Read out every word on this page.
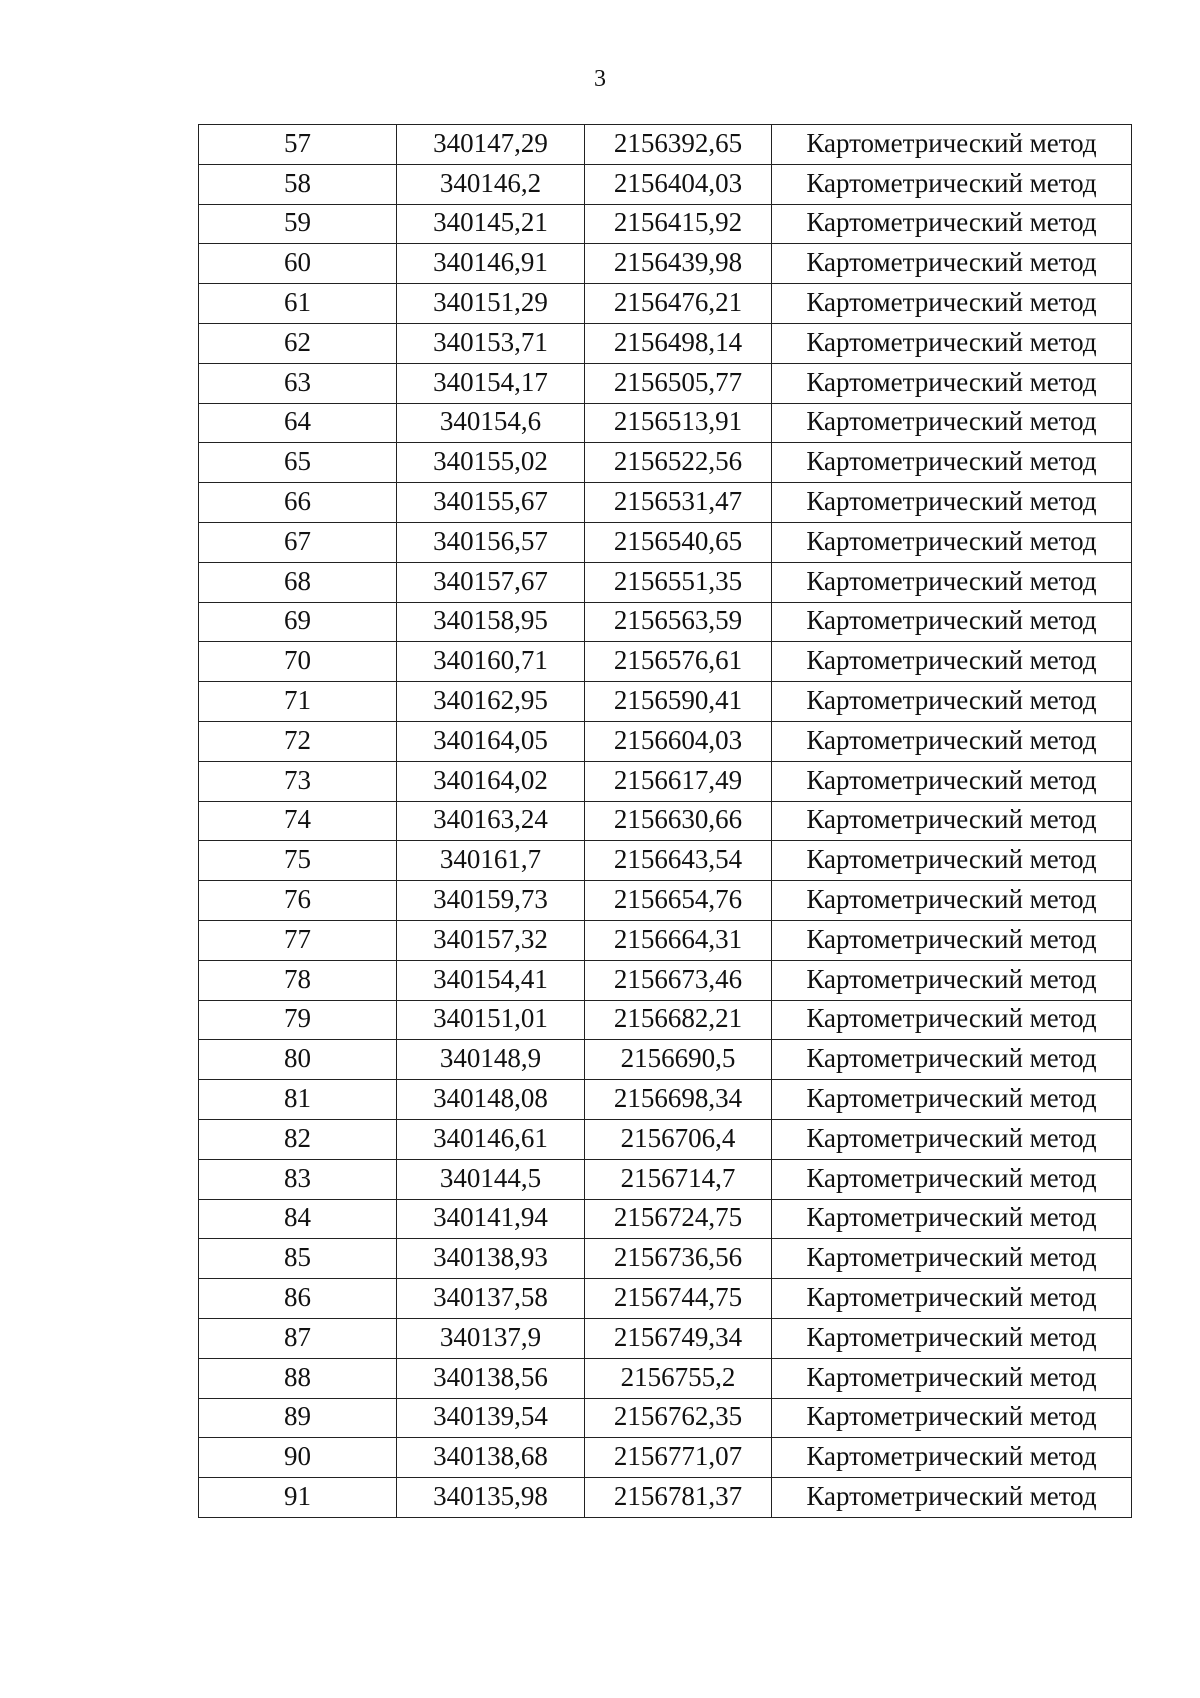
3
57	340147,29	2156392,65	Картометрический метод
58	340146,2	2156404,03	Картометрический метод
59	340145,21	2156415,92	Картометрический метод
60	340146,91	2156439,98	Картометрический метод
61	340151,29	2156476,21	Картометрический метод
62	340153,71	2156498,14	Картометрический метод
63	340154,17	2156505,77	Картометрический метод
64	340154,6	2156513,91	Картометрический метод
65	340155,02	2156522,56	Картометрический метод
66	340155,67	2156531,47	Картометрический метод
67	340156,57	2156540,65	Картометрический метод
68	340157,67	2156551,35	Картометрический метод
69	340158,95	2156563,59	Картометрический метод
70	340160,71	2156576,61	Картометрический метод
71	340162,95	2156590,41	Картометрический метод
72	340164,05	2156604,03	Картометрический метод
73	340164,02	2156617,49	Картометрический метод
74	340163,24	2156630,66	Картометрический метод
75	340161,7	2156643,54	Картометрический метод
76	340159,73	2156654,76	Картометрический метод
77	340157,32	2156664,31	Картометрический метод
78	340154,41	2156673,46	Картометрический метод
79	340151,01	2156682,21	Картометрический метод
80	340148,9	2156690,5	Картометрический метод
81	340148,08	2156698,34	Картометрический метод
82	340146,61	2156706,4	Картометрический метод
83	340144,5	2156714,7	Картометрический метод
84	340141,94	2156724,75	Картометрический метод
85	340138,93	2156736,56	Картометрический метод
86	340137,58	2156744,75	Картометрический метод
87	340137,9	2156749,34	Картометрический метод
88	340138,56	2156755,2	Картометрический метод
89	340139,54	2156762,35	Картометрический метод
90	340138,68	2156771,07	Картометрический метод
91	340135,98	2156781,37	Картометрический метод
